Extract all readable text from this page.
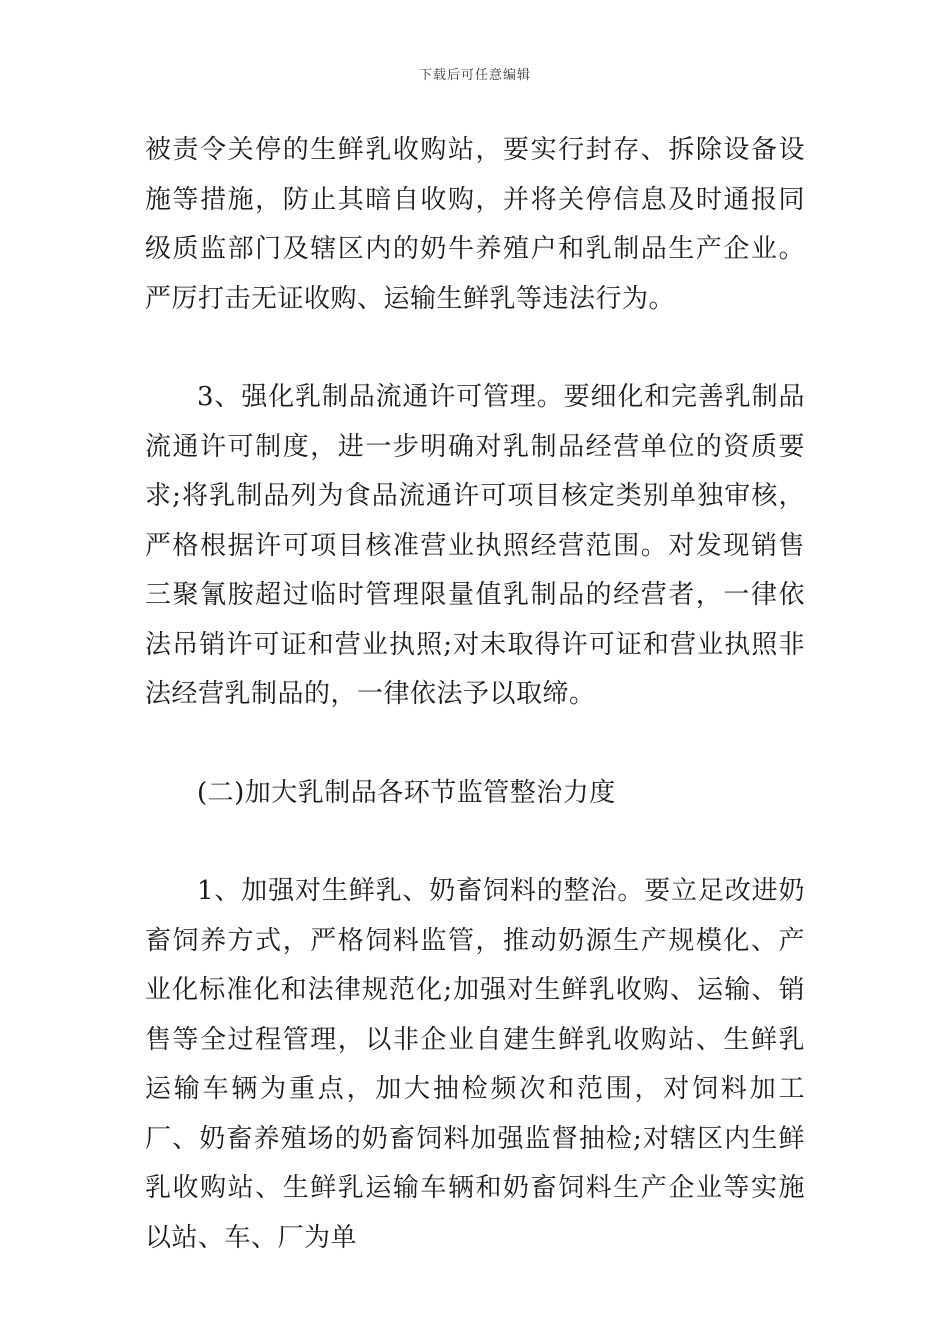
下载后可任意编辑

被责令关停的生鲜乳收购站，要实行封存、拆除设备设施等措施，防止其暗自收购，并将关停信息及时通报同级质监部门及辖区内的奶牛养殖户和乳制品生产企业。严厉打击无证收购、运输生鲜乳等违法行为。

3、强化乳制品流通许可管理。要细化和完善乳制品流通许可制度，进一步明确对乳制品经营单位的资质要求;将乳制品列为食品流通许可项目核定类别单独审核，严格根据许可项目核准营业执照经营范围。对发现销售三聚氰胺超过临时管理限量值乳制品的经营者，一律依法吊销许可证和营业执照;对未取得许可证和营业执照非法经营乳制品的，一律依法予以取缔。

(二)加大乳制品各环节监管整治力度

1、加强对生鲜乳、奶畜饲料的整治。要立足改进奶畜饲养方式，严格饲料监管，推动奶源生产规模化、产业化标准化和法律规范化;加强对生鲜乳收购、运输、销售等全过程管理，以非企业自建生鲜乳收购站、生鲜乳运输车辆为重点，加大抽检频次和范围，对饲料加工厂、奶畜养殖场的奶畜饲料加强监督抽检;对辖区内生鲜乳收购站、生鲜乳运输车辆和奶畜饲料生产企业等实施以站、车、厂为单
